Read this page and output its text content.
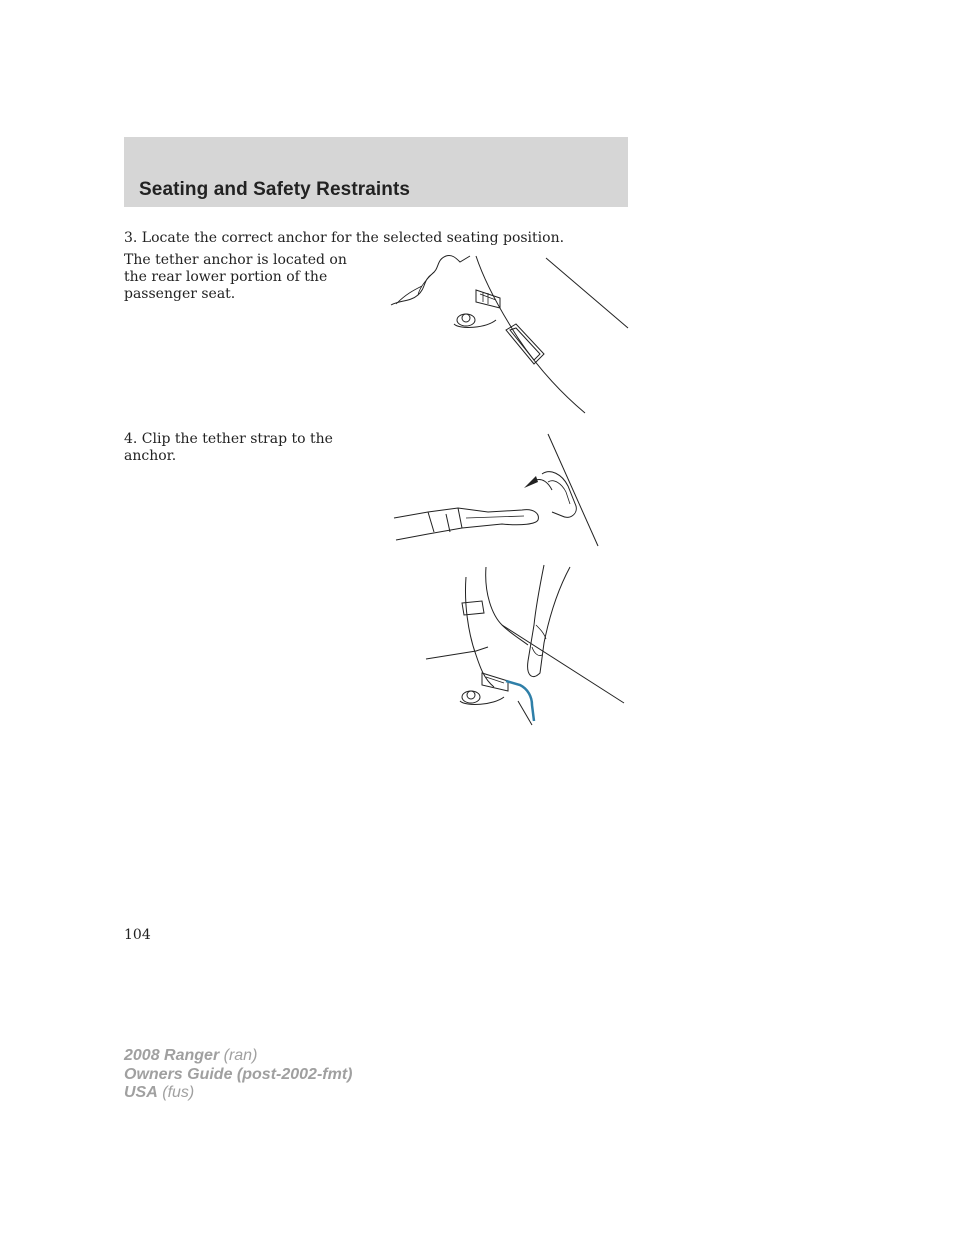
Seating and Safety Restraints

3. Locate the correct anchor for the selected seating position.

The tether anchor is located on the rear lower portion of the passenger seat.

4. Clip the tether strap to the anchor.

104
2008 Ranger (ran)
Owners Guide (post-2002-fmt)
USA (fus)
